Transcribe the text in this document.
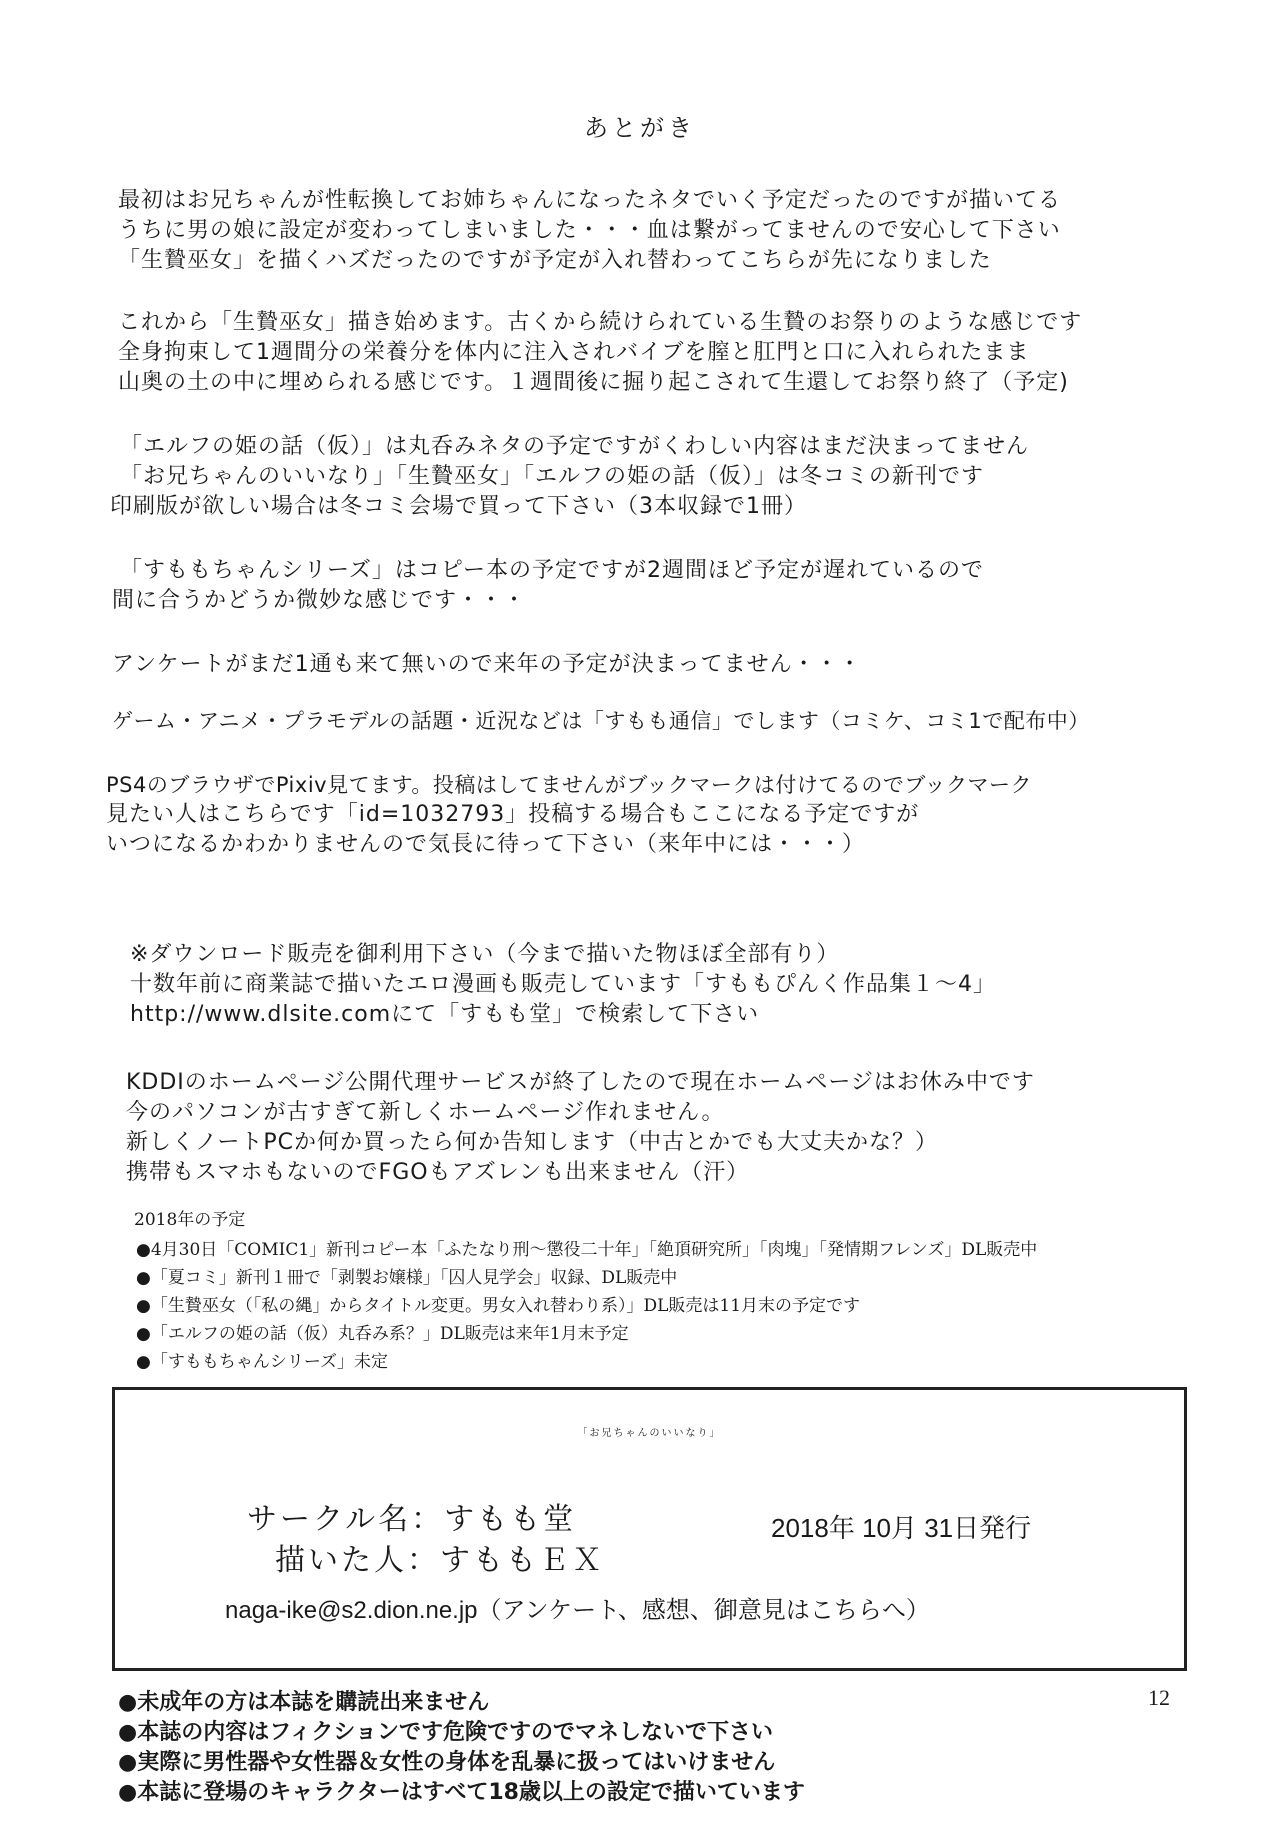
あとがき
最初はお兄ちゃんが性転換してお姉ちゃんになったネタでいく予定だったのですが描いてる
うちに男の娘に設定が変わってしまいました・・・血は繋がってませんので安心して下さい
「生贄巫女」を描くハズだったのですが予定が入れ替わってこちらが先になりました
これから「生贄巫女」描き始めます。古くから続けられている生贄のお祭りのような感じです
全身拘束して1週間分の栄養分を体内に注入されバイブを膣と肛門と口に入れられたまま
山奥の土の中に埋められる感じです。１週間後に掘り起こされて生還してお祭り終了（予定)
「エルフの姫の話（仮）」は丸呑みネタの予定ですがくわしい内容はまだ決まってません
「お兄ちゃんのいいなり」「生贄巫女」「エルフの姫の話（仮）」は冬コミの新刊です
印刷版が欲しい場合は冬コミ会場で買って下さい（3本収録で1冊）
「すももちゃんシリーズ」はコピー本の予定ですが2週間ほど予定が遅れているので
間に合うかどうか微妙な感じです・・・
アンケートがまだ1通も来て無いので来年の予定が決まってません・・・
ゲーム・アニメ・プラモデルの話題・近況などは「すもも通信」でします（コミケ、コミ1で配布中）
PS4のブラウザでPixiv見てます。投稿はしてませんがブックマークは付けてるのでブックマーク
見たい人はこちらです「id=1032793」投稿する場合もここになる予定ですが
いつになるかわかりませんので気長に待って下さい（来年中には・・・）
※ダウンロード販売を御利用下さい（今まで描いた物ほぼ全部有り）
十数年前に商業誌で描いたエロ漫画も販売しています「すももぴんく作品集１～4」
http://www.dlsite.comにて「すもも堂」で検索して下さい
KDDIのホームページ公開代理サービスが終了したので現在ホームページはお休み中です
今のパソコンが古すぎて新しくホームページ作れません。
新しくノートPCか何か買ったら何か告知します（中古とかでも大丈夫かな？）
携帯もスマホもないのでFGOもアズレンも出来ません（汗）
2018年の予定
●4月30日「COMIC1」新刊コピー本「ふたなり刑～懲役二十年」「絶頂研究所」「肉塊」「発情期フレンズ」DL販売中
●「夏コミ」新刊１冊で「剥製お嬢様」「囚人見学会」収録、DL販売中
●「生贄巫女（「私の縄」からタイトル変更。男女入れ替わり系）」DL販売は11月末の予定です
●「エルフの姫の話（仮）丸呑み系？」DL販売は来年1月末予定
●「すももちゃんシリーズ」未定
「お兄ちゃんのいいなり」
サークル名：すもも堂
描いた人：すももＥＸ
2018年 10月 31日発行
naga-ike@s2.dion.ne.jp（アンケート、感想、御意見はこちらへ）
12
●未成年の方は本誌を購読出来ません
●本誌の内容はフィクションです危険ですのでマネしないで下さい
●実際に男性器や女性器＆女性の身体を乱暴に扱ってはいけません
●本誌に登場のキャラクターはすべて18歳以上の設定で描いています
